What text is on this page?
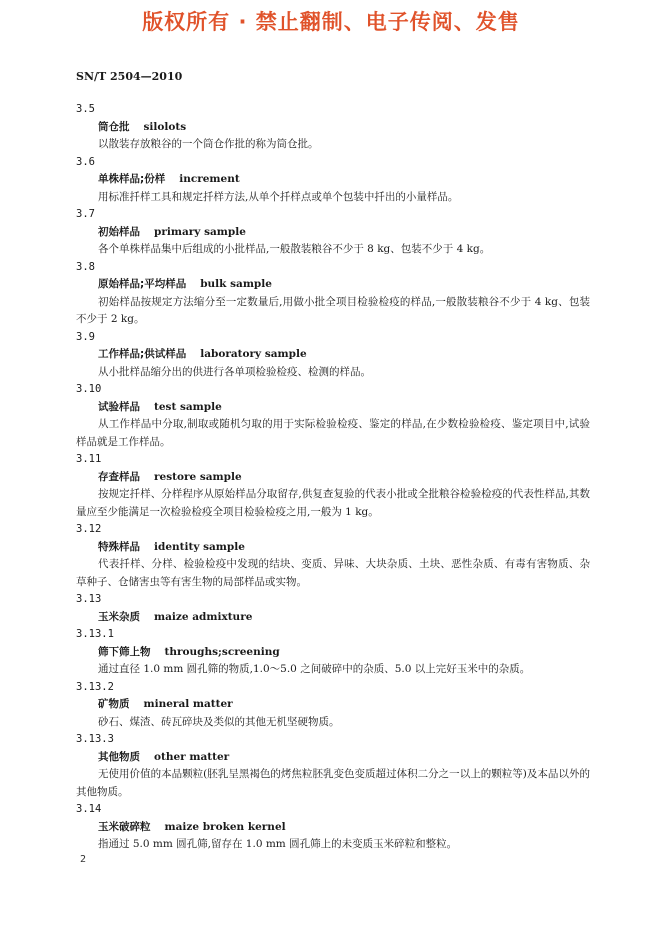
版权所有 · 禁止翻制、电子传阅、发售
SN/T 2504—2010
3.5
筒仓批 silolots
以散装存放粮谷的一个筒仓作批的称为筒仓批。
3.6
单株样品;份样 increment
用标准扦样工具和规定扦样方法,从单个扦样点或单个包装中扦出的小量样品。
3.7
初始样品 primary sample
各个单株样品集中后组成的小批样品,一般散装粮谷不少于 8 kg、包装不少于 4 kg。
3.8
原始样品;平均样品 bulk sample
初始样品按规定方法缩分至一定数量后,用做小批全项目检验检疫的样品,一般散装粮谷不少于 4 kg、包装不少于 2 kg。
3.9
工作样品;供试样品 laboratory sample
从小批样品缩分出的供进行各单项检验检疫、检测的样品。
3.10
试验样品 test sample
从工作样品中分取,制取或随机匀取的用于实际检验检疫、鉴定的样品,在少数检验检疫、鉴定项目中,试验样品就是工作样品。
3.11
存查样品 restore sample
按规定扦样、分样程序从原始样品分取留存,供复查复验的代表小批或全批粮谷检验检疫的代表性样品,其数量应至少能满足一次检验检疫全项目检验检疫之用,一般为 1 kg。
3.12
特殊样品 identity sample
代表扦样、分样、检验检疫中发现的结块、变质、异味、大块杂质、土块、恶性杂质、有毒有害物质、杂草种子、仓储害虫等有害生物的局部样品或实物。
3.13
玉米杂质 maize admixture
3.13.1
筛下筛上物 throughs;screening
通过直径 1.0 mm 圆孔筛的物质,1.0～5.0 之间破碎中的杂质、5.0 以上完好玉米中的杂质。
3.13.2
矿物质 mineral matter
砂石、煤渣、砖瓦碎块及类似的其他无机坚硬物质。
3.13.3
其他物质 other matter
无使用价值的本品颗粒(胚乳呈黑褐色的烤焦粒胚乳变色变质超过体积二分之一以上的颗粒等)及本品以外的其他物质。
3.14
玉米破碎粒 maize broken kernel
指通过 5.0 mm 圆孔筛,留存在 1.0 mm 圆孔筛上的未变质玉米碎粒和整粒。
2
